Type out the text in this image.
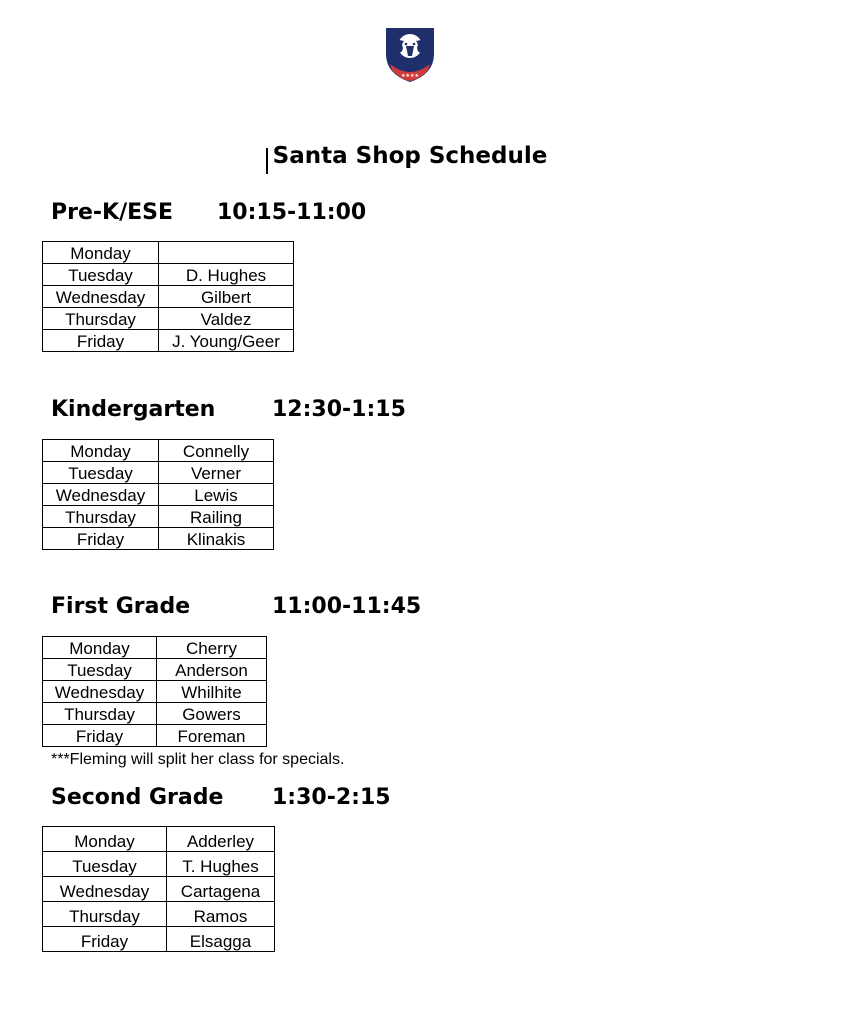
★★★★
Santa Shop Schedule
Pre-K/ESE 10:15-11:00
Monday	
Tuesday	D. Hughes
Wednesday	Gilbert
Thursday	Valdez
Friday	J. Young/Geer
Kindergarten	12:30-1:15
Monday	Connelly
Tuesday	Verner
Wednesday	Lewis
Thursday	Railing
Friday	Klinakis
First Grade	11:00-11:45
Monday	Cherry
Tuesday	Anderson
Wednesday	Whilhite
Thursday	Gowers
Friday	Foreman
***Fleming will split her class for specials.
Second Grade 1:30-2:15
Monday	Adderley
Tuesday	T. Hughes
Wednesday	Cartagena
Thursday	Ramos
Friday	Elsagga
